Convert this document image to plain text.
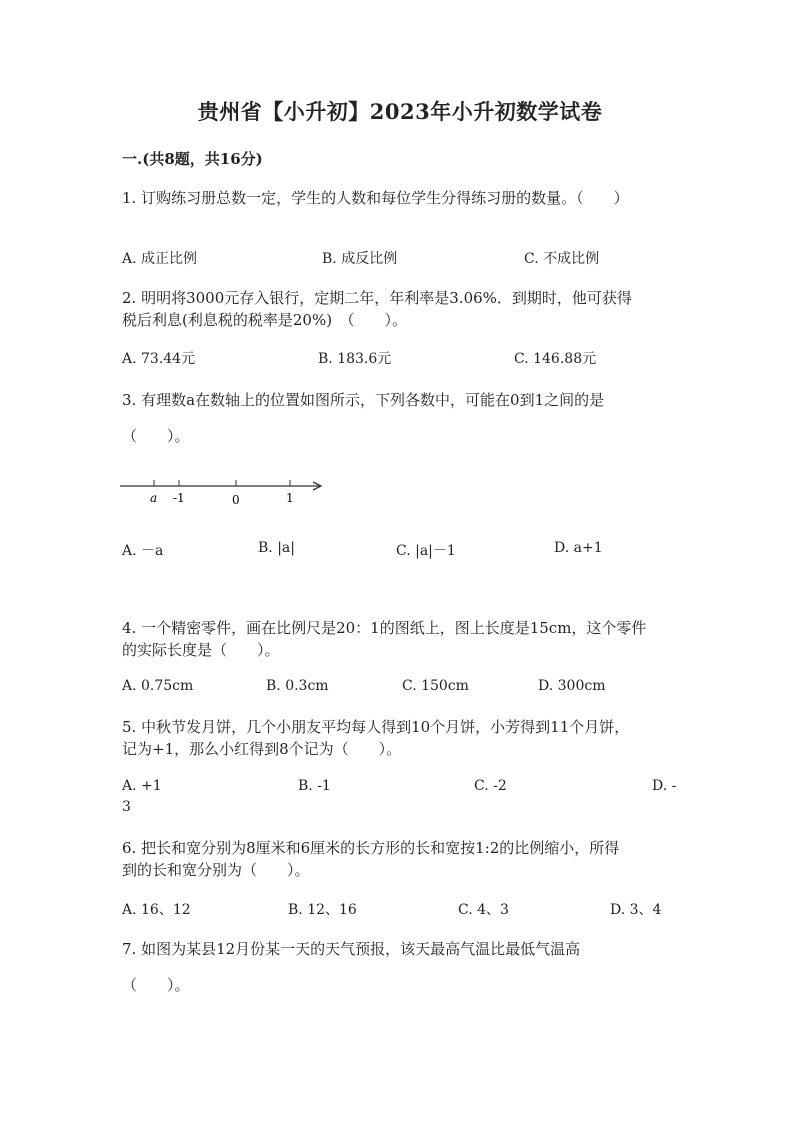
贵州省【小升初】2023年小升初数学试卷
一.(共8题，共16分)
1. 订购练习册总数一定，学生的人数和每位学生分得练习册的数量。（　　）
A. 成正比例	B. 成反比例	C. 不成比例
2. 明明将3000元存入银行，定期二年，年利率是3.06%．到期时，他可获得
税后利息(利息税的税率是20%)　（　　）。
A. 73.44元	B. 183.6元	C. 146.88元
3. 有理数a在数轴上的位置如图所示，下列各数中，可能在0到1之间的是
（　　）。
a -1	0	1
A. －a	B. |a|	C. |a|－1	D. a+1
4. 一个精密零件，画在比例尺是20：1的图纸上，图上长度是15cm，这个零件
的实际长度是（　　）。
A. 0.75cm	B. 0.3cm	C. 150cm	D. 300cm
5. 中秋节发月饼，几个小朋友平均每人得到10个月饼，小芳得到11个月饼，
记为+1，那么小红得到8个记为（　　）。
A. +1	B. -1	C. -2	D. -
3
6. 把长和宽分别为8厘米和6厘米的长方形的长和宽按1:2的比例缩小，所得
到的长和宽分别为（　　）。
A. 16、12	B. 12、16	C. 4、3	D. 3、4
7. 如图为某县12月份某一天的天气预报，该天最高气温比最低气温高
（　　）。
